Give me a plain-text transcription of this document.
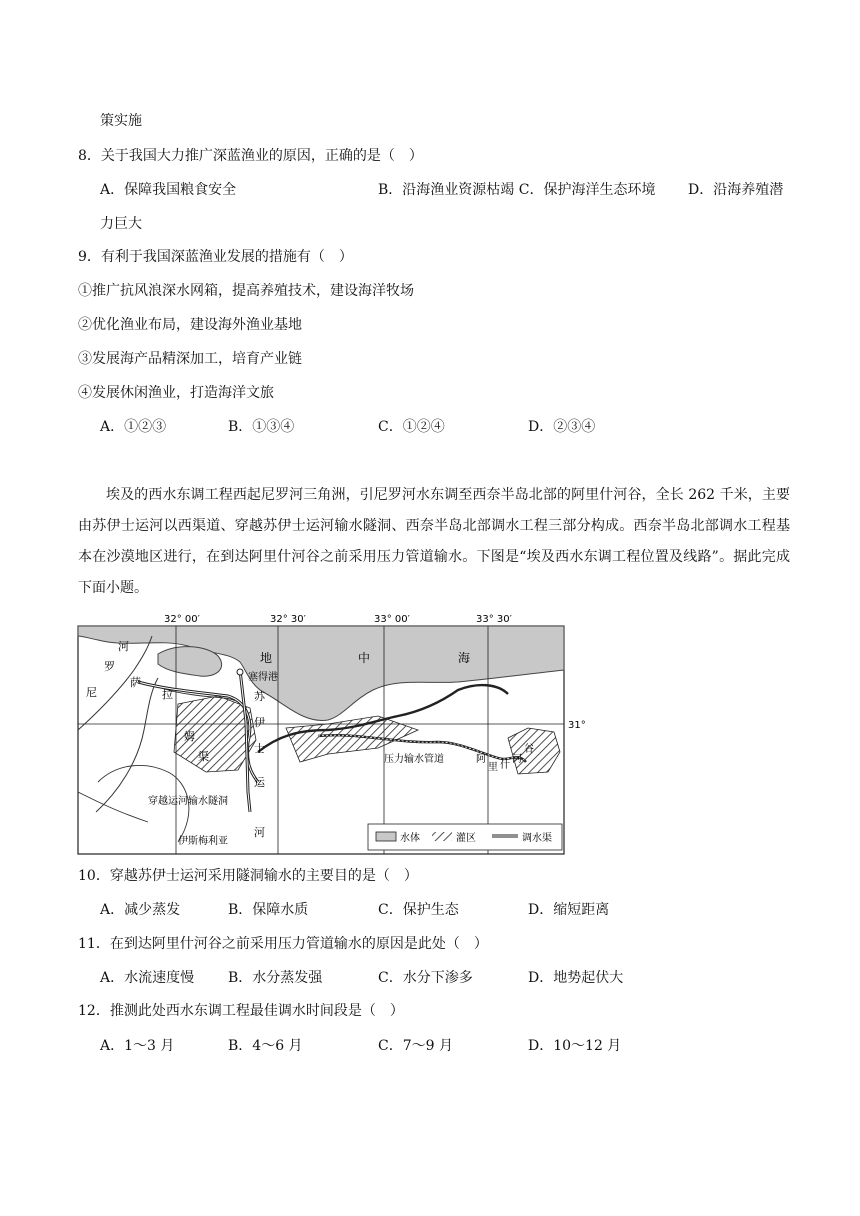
策实施
8．关于我国大力推广深蓝渔业的原因，正确的是（　）
A．保障我国粮食安全	B．沿海渔业资源枯竭 C．保护海洋生态环境 D．沿海养殖潜
力巨大
9．有利于我国深蓝渔业发展的措施有（　）
①推广抗风浪深水网箱，提高养殖技术，建设海洋牧场
②优化渔业布局，建设海外渔业基地
③发展海产品精深加工，培育产业链
④发展休闲渔业，打造海洋文旅
A．①②③	B．①③④	C．①②④	D．②③④
埃及的西水东调工程西起尼罗河三角洲，引尼罗河水东调至西奈半岛北部的阿里什河谷，全长 262 千米，主要由苏伊士运河以西渠道、穿越苏伊士运河输水隧洞、西奈半岛北部调水工程三部分构成。西奈半岛北部调水工程基本在沙漠地区进行，在到达阿里什河谷之前采用压力管道输水。下图是“埃及西水东调工程位置及线路”。据此完成下面小题。
32° 00′	32° 30′	33° 00′	33° 30′
31°
地	中	海
河
罗
尼
萨
拉
姆
渠
塞得港
苏
伊
士
运
河
压力输水管道	阿
里 什
河
谷
穿越运河输水隧洞
伊斯梅利亚	水体	灌区	调水渠
10．穿越苏伊士运河采用隧洞输水的主要目的是（　）
A．减少蒸发	B．保障水质	C．保护生态	D．缩短距离
11．在到达阿里什河谷之前采用压力管道输水的原因是此处（　）
A．水流速度慢 B．水分蒸发强	C．水分下渗多	D．地势起伏大
12．推测此处西水东调工程最佳调水时间段是（　）
A．1～3 月	B．4～6 月	C．7～9 月	D．10～12 月
